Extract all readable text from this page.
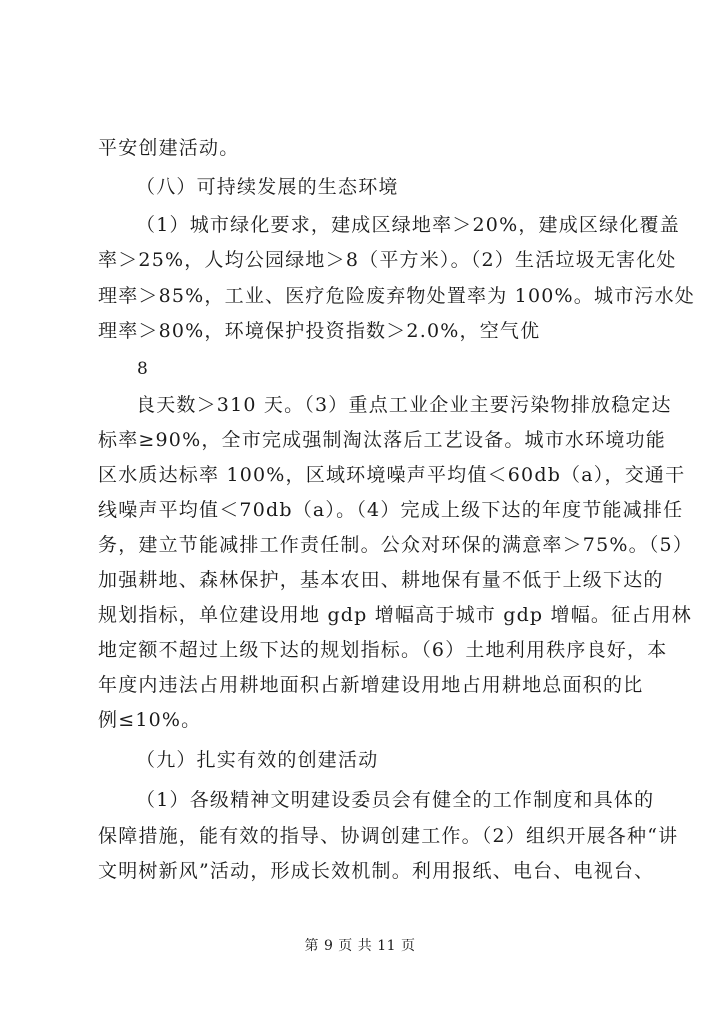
平安创建活动。
（八）可持续发展的生态环境
（1）城市绿化要求，建成区绿地率＞20%，建成区绿化覆盖
率＞25%，人均公园绿地＞8（平方米）。（2）生活垃圾无害化处
理率＞85%，工业、医疗危险废弃物处置率为 100%。城市污水处
理率＞80%，环境保护投资指数＞2.0%，空气优
8
良天数＞310 天。（3）重点工业企业主要污染物排放稳定达
标率≥90%，全市完成强制淘汰落后工艺设备。城市水环境功能
区水质达标率 100%，区域环境噪声平均值＜60db（a），交通干
线噪声平均值＜70db（a）。（4）完成上级下达的年度节能减排任
务，建立节能减排工作责任制。公众对环保的满意率＞75%。（5）
加强耕地、森林保护，基本农田、耕地保有量不低于上级下达的
规划指标，单位建设用地 gdp 增幅高于城市 gdp 增幅。征占用林
地定额不超过上级下达的规划指标。（6）土地利用秩序良好，本
年度内违法占用耕地面积占新增建设用地占用耕地总面积的比
例≤10%。
（九）扎实有效的创建活动
（1）各级精神文明建设委员会有健全的工作制度和具体的
保障措施，能有效的指导、协调创建工作。（2）组织开展各种“讲
文明树新风”活动，形成长效机制。利用报纸、电台、电视台、
第 9 页 共 11 页
